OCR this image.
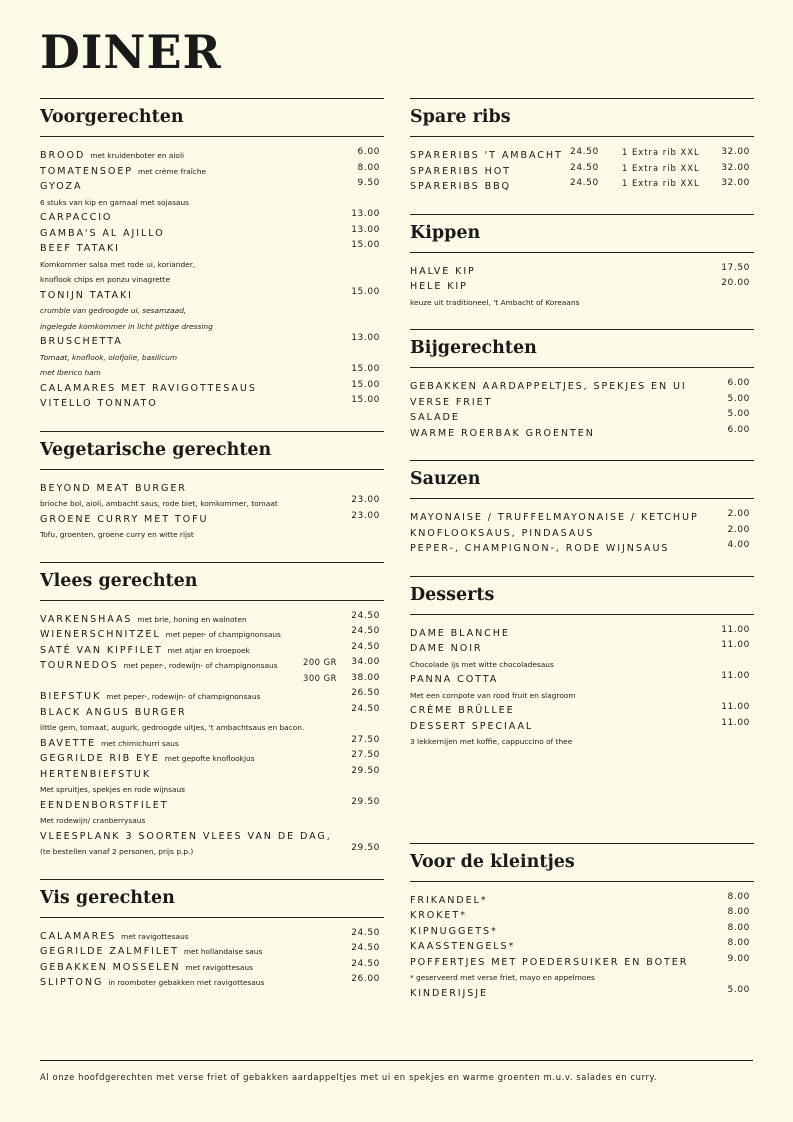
DINER
Voorgerechten
BROOD met kruidenboter en aioli	6.00
TOMATENSOEP met crème fraîche	8.00
GYOZA	9.50
6 stuks van kip en garnaal met sojasaus
CARPACCIO	13.00
GAMBA'S AL AJILLO	13.00
BEEF TATAKI	15.00
Komkommer salsa met rode ui, koriander,
knoflook chips en ponzu vinagrette
TONIJN TATAKI	15.00
crumble van gedroogde ui, sesamzaad,
ingelegde komkommer in licht pittige dressing
BRUSCHETTA	13.00
Tomaat, knoflook, olofjolie, basilicum
met Iberico ham	15.00
CALAMARES MET RAVIGOTTESAUS	15.00
VITELLO TONNATO	15.00
Vegetarische gerechten
BEYOND MEAT BURGER
brioche bol, aioli, ambacht saus, rode biet, komkommer, tomaat	23.00
GROENE CURRY MET TOFU	23.00
Tofu, groenten, groene curry en witte rijst
Vlees gerechten
VARKENSHAAS met brie, honing en walnoten	24.50
WIENERSCHNITZEL met peper- of champignonsaus	24.50
SATÉ VAN KIPFILET met atjar en kroepoek	24.50
TOURNEDOS met peper-, rodewijn- of champignonsaus	200 GR 34.00
300 GR 38.00
BIEFSTUK met peper-, rodewijn- of champignonsaus	26.50
BLACK ANGUS BURGER	24.50
little gem, tomaat, augurk, gedroogde uitjes, 't ambachtsaus en bacon.
BAVETTE met chimichurri saus	27.50
GEGRILDE RIB EYE met gepofte knoflookjus	27.50
HERTENBIEFSTUK	29.50
Met spruitjes, spekjes en rode wijnsaus
EENDENBORSTFILET	29.50
Met rodewijn/ cranberrysaus
VLEESPLANK 3 SOORTEN VLEES VAN DE DAG,
(te bestellen vanaf 2 personen, prijs p.p.)	29.50
Vis gerechten
CALAMARES met ravigottesaus	24.50
GEGRILDE ZALMFILET met hollandaise saus	24.50
GEBAKKEN MOSSELEN met ravigottesaus	24.50
SLIPTONG in roomboter gebakken met ravigottesaus	26.00
Spare ribs
SPARERIBS 'T AMBACHT 24.50	1 Extra rib XXL 32.00
SPARERIBS HOT	24.50	1 Extra rib XXL 32.00
SPARERIBS BBQ	24.50	1 Extra rib XXL 32.00
Kippen
HALVE KIP	17.50
HELE KIP	20.00
keuze uit traditioneel, 't Ambacht of Koreaans
Bijgerechten
GEBAKKEN AARDAPPELTJES, SPEKJES EN UI	6.00
VERSE FRIET	5.00
SALADE	5.00
WARME ROERBAK GROENTEN	6.00
Sauzen
MAYONAISE / TRUFFELMAYONAISE / KETCHUP	2.00
KNOFLOOKSAUS, PINDASAUS	2.00
PEPER-, CHAMPIGNON-, RODE WIJNSAUS	4.00
Desserts
DAME BLANCHE	11.00
DAME NOIR	11.00
Chocolade ijs met witte chocoladesaus
PANNA COTTA	11.00
Met een compote van rood fruit en slagroom
CRÈME BRÛLLEE	11.00
DESSERT SPECIAAL	11.00
3 lekkernijen met koffie, cappuccino of thee
Voor de kleintjes
FRIKANDEL*	8.00
KROKET*	8.00
KIPNUGGETS*	8.00
KAASSTENGELS*	8.00
POFFERTJES MET POEDERSUIKER EN BOTER	9.00
* geserveerd met verse friet, mayo en appelmoes
KINDERIJSJE	5.00
Al onze hoofdgerechten met verse friet of gebakken aardappeltjes met ui en spekjes en warme groenten m.u.v. salades en curry.
